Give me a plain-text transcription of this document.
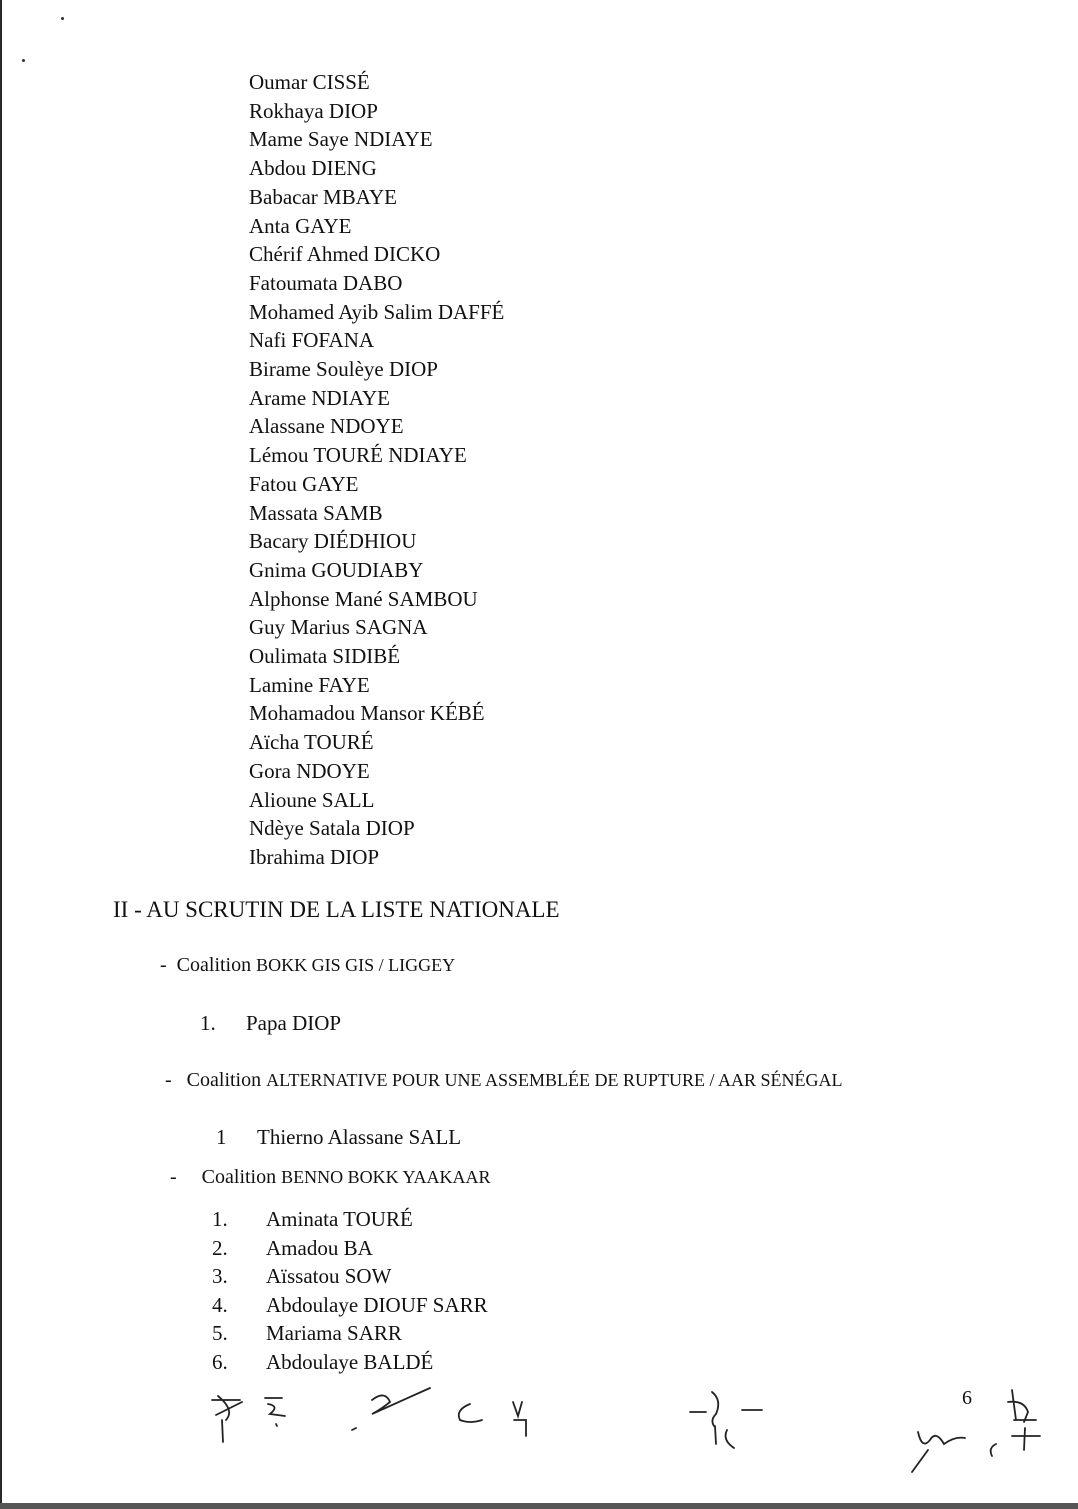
Oumar CISSÉ
Rokhaya DIOP
Mame Saye NDIAYE
Abdou DIENG
Babacar MBAYE
Anta GAYE
Chérif Ahmed DICKO
Fatoumata DABO
Mohamed Ayib Salim DAFFÉ
Nafi FOFANA
Birame Soulèye DIOP
Arame NDIAYE
Alassane NDOYE
Lémou TOURÉ NDIAYE
Fatou GAYE
Massata SAMB
Bacary DIÉDHIOU
Gnima GOUDIABY
Alphonse Mané SAMBOU
Guy Marius SAGNA
Oulimata SIDIBÉ
Lamine FAYE
Mohamadou Mansor KÉBÉ
Aïcha TOURÉ
Gora NDOYE
Alioune SALL
Ndèye Satala DIOP
Ibrahima DIOP
II - AU SCRUTIN DE LA LISTE NATIONALE
- Coalition BOKK GIS GIS / LIGGEY
1. Papa DIOP
- Coalition ALTERNATIVE POUR UNE ASSEMBLÉE DE RUPTURE / AAR SÉNÉGAL
1 Thierno Alassane SALL
- Coalition BENNO BOKK YAAKAAR
1. Aminata TOURÉ
2. Amadou BA
3. Aïssatou SOW
4. Abdoulaye DIOUF SARR
5. Mariama SARR
6. Abdoulaye BALDÉ
6
